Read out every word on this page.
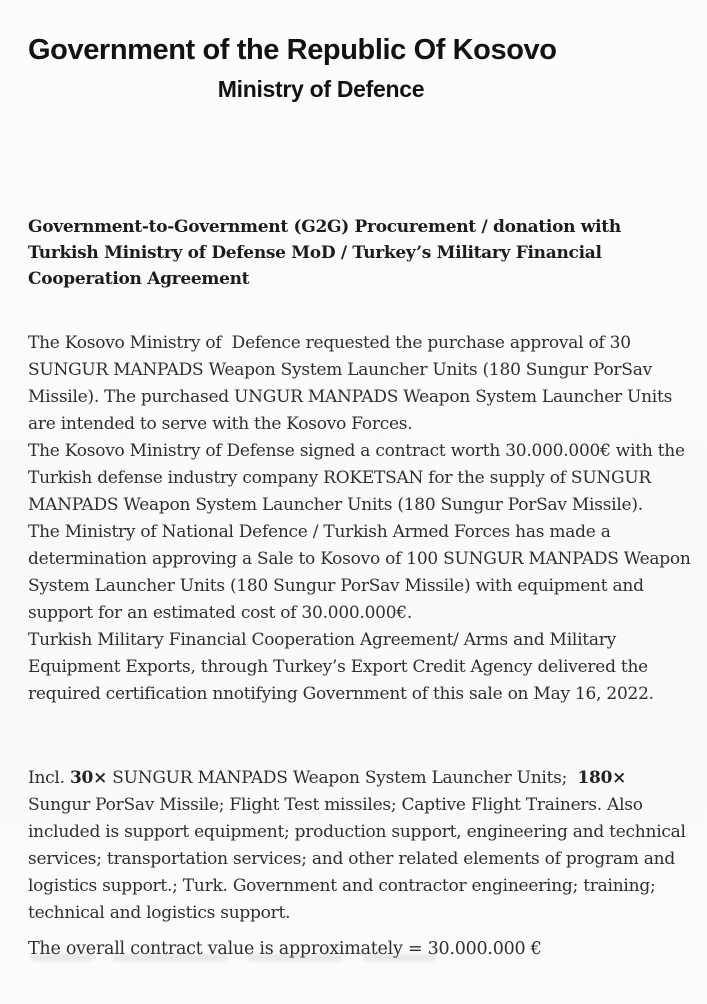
Government of the Republic Of Kosovo
Ministry of Defence

Government-to-Government (G2G) Procurement / donation with Turkish Ministry of Defense MoD / Turkey’s Military Financial Cooperation Agreement

The Kosovo Ministry of  Defence requested the purchase approval of 30 SUNGUR MANPADS Weapon System Launcher Units (180 Sungur PorSav Missile). The purchased UNGUR MANPADS Weapon System Launcher Units are intended to serve with the Kosovo Forces.

The Kosovo Ministry of Defense signed a contract worth 30.000.000€ with the Turkish defense industry company ROKETSAN for the supply of SUNGUR MANPADS Weapon System Launcher Units (180 Sungur PorSav Missile).

The Ministry of National Defence / Turkish Armed Forces has made a determination approving a Sale to Kosovo of 100 SUNGUR MANPADS Weapon System Launcher Units (180 Sungur PorSav Missile) with equipment and support for an estimated cost of 30.000.000€.

Turkish Military Financial Cooperation Agreement/ Arms and Military Equipment Exports, through Turkey’s Export Credit Agency delivered the required certification nnotifying Government of this sale on May 16, 2022.

Incl. 30× SUNGUR MANPADS Weapon System Launcher Units;  180× Sungur PorSav Missile; Flight Test missiles; Captive Flight Trainers. Also included is support equipment; production support, engineering and technical services; transportation services; and other related elements of program and logistics support.; Turk. Government and contractor engineering; training; technical and logistics support.

The overall contract value is approximately = 30.000.000 €
